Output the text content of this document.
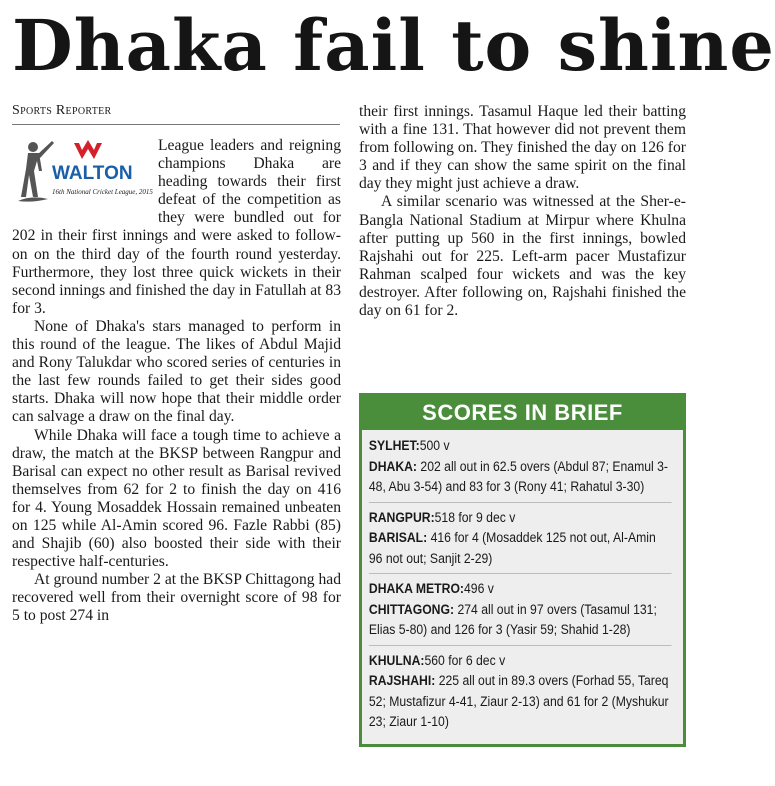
Dhaka fail to shine
Sports Reporter
WALTON
16th National Cricket League, 2015

League leaders and reigning champions Dhaka are heading towards their first defeat of the competition as they were bundled out for 202 in their first innings and were asked to follow-on on the third day of the fourth round yesterday. Furthermore, they lost three quick wickets in their second innings and finished the day in Fatullah at 83 for 3.

None of Dhaka's stars managed to perform in this round of the league. The likes of Abdul Majid and Rony Talukdar who scored series of centuries in the last few rounds failed to get their sides good starts. Dhaka will now hope that their middle order can salvage a draw on the final day.

While Dhaka will face a tough time to achieve a draw, the match at the BKSP between Rangpur and Barisal can expect no other result as Barisal revived themselves from 62 for 2 to finish the day on 416 for 4. Young Mosaddek Hossain remained unbeaten on 125 while Al-Amin scored 96. Fazle Rabbi (85) and Shajib (60) also boosted their side with their respective half-centuries.

At ground number 2 at the BKSP Chittagong had recovered well from their overnight score of 98 for 5 to post 274 in

their first innings. Tasamul Haque led their batting with a fine 131. That however did not prevent them from following on. They finished the day on 126 for 3 and if they can show the same spirit on the final day they might just achieve a draw.

A similar scenario was witnessed at the Sher-e-Bangla National Stadium at Mirpur where Khulna after putting up 560 in the first innings, bowled Rajshahi out for 225. Left-arm pacer Mustafizur Rahman scalped four wickets and was the key destroyer. After following on, Rajshahi finished the day on 61 for 2.

SCORES IN BRIEF

SYLHET:500 v

DHAKA: 202 all out in 62.5 overs (Abdul 87; Enamul 3-48, Abu 3-54) and 83 for 3 (Rony 41; Rahatul 3-30)

RANGPUR:518 for 9 dec v

BARISAL: 416 for 4 (Mosaddek 125 not out, Al-Amin 96 not out; Sanjit 2-29)

DHAKA METRO:496 v

CHITTAGONG: 274 all out in 97 overs (Tasamul 131; Elias 5-80) and 126 for 3 (Yasir 59; Shahid 1-28)

KHULNA:560 for 6 dec v

RAJSHAHI: 225 all out in 89.3 overs (Forhad 55, Tareq 52; Mustafizur 4-41, Ziaur 2-13) and 61 for 2 (Myshukur 23; Ziaur 1-10)
